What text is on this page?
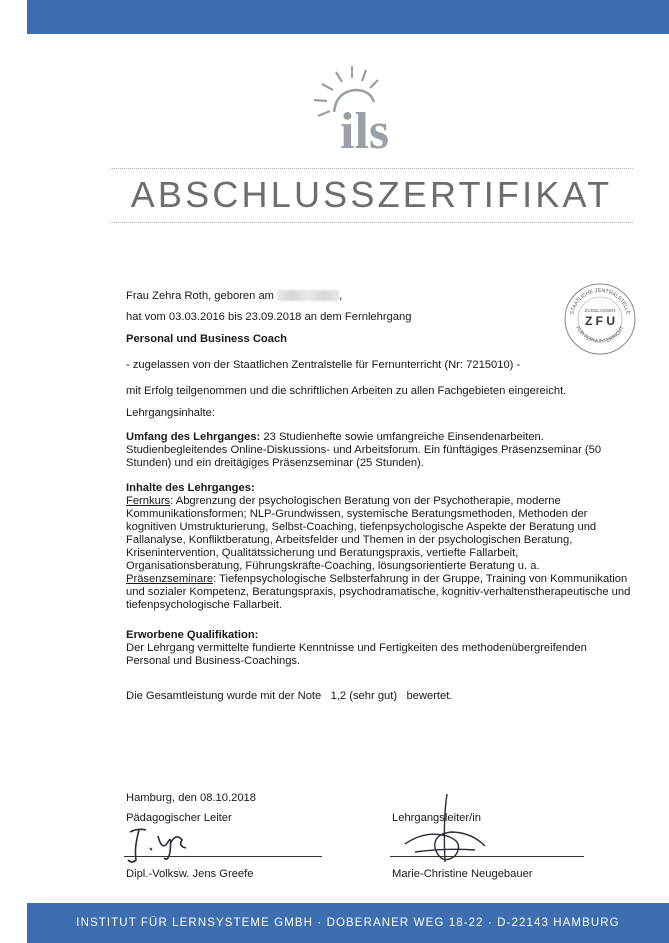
ils
ABSCHLUSSZERTIFIKAT
STAATLICHE ZENTRALSTELLE
ZUGELASSEN
Z F U
FÜR FERNUNTERRICHT
Frau Zehra Roth, geboren am	,
hat vom 03.03.2016 bis 23.09.2018 an dem Fernlehrgang
Personal und Business Coach
- zugelassen von der Staatlichen Zentralstelle für Fernunterricht (Nr: 7215010) -
mit Erfolg teilgenommen und die schriftlichen Arbeiten zu allen Fachgebieten eingereicht.
Lehrgangsinhalte:

Umfang des Lehrganges: 23 Studienhefte sowie umfangreiche Einsendenarbeiten. Studienbegleitendes Online-Diskussions- und Arbeitsforum. Ein fünftägiges Präsenzseminar (50 Stunden) und ein dreitägiges Präsenzseminar (25 Stunden).

Inhalte des Lehrganges:

Fernkurs: Abgrenzung der psychologischen Beratung von der Psychotherapie, moderne Kommunikationsformen; NLP-Grundwissen, systemische Beratungsmethoden, Methoden der kognitiven Umstrukturierung, Selbst-Coaching, tiefenpsychologische Aspekte der Beratung und Fallanalyse, Konfliktberatung, Arbeitsfelder und Themen in der psychologischen Beratung, Krisenintervention, Qualitätssicherung und Beratungspraxis, vertiefte Fallarbeit, Organisationsberatung, Führungskräfte-Coaching, lösungsorientierte Beratung u. a. Präsenzseminare: Tiefenpsychologische Selbsterfahrung in der Gruppe, Training von Kommunikation und sozialer Kompetenz, Beratungspraxis, psychodramatische, kognitiv-verhaltenstherapeutische und tiefenpsychologische Fallarbeit.

Erworbene Qualifikation:

Der Lehrgang vermittelte fundierte Kenntnisse und Fertigkeiten des methodenübergreifenden Personal und Business-Coachings.

Die Gesamtleistung wurde mit der Note 1,2 (sehr gut) bewertet.
Hamburg, den 08.10.2018
Pädagogischer Leiter
Dipl.-Volksw. Jens Greefe
Lehrgangsleiter/in
Marie-Christine Neugebauer
INSTITUT FÜR LERNSYSTEME GMBH · DOBERANER WEG 18-22 · D-22143 HAMBURG
